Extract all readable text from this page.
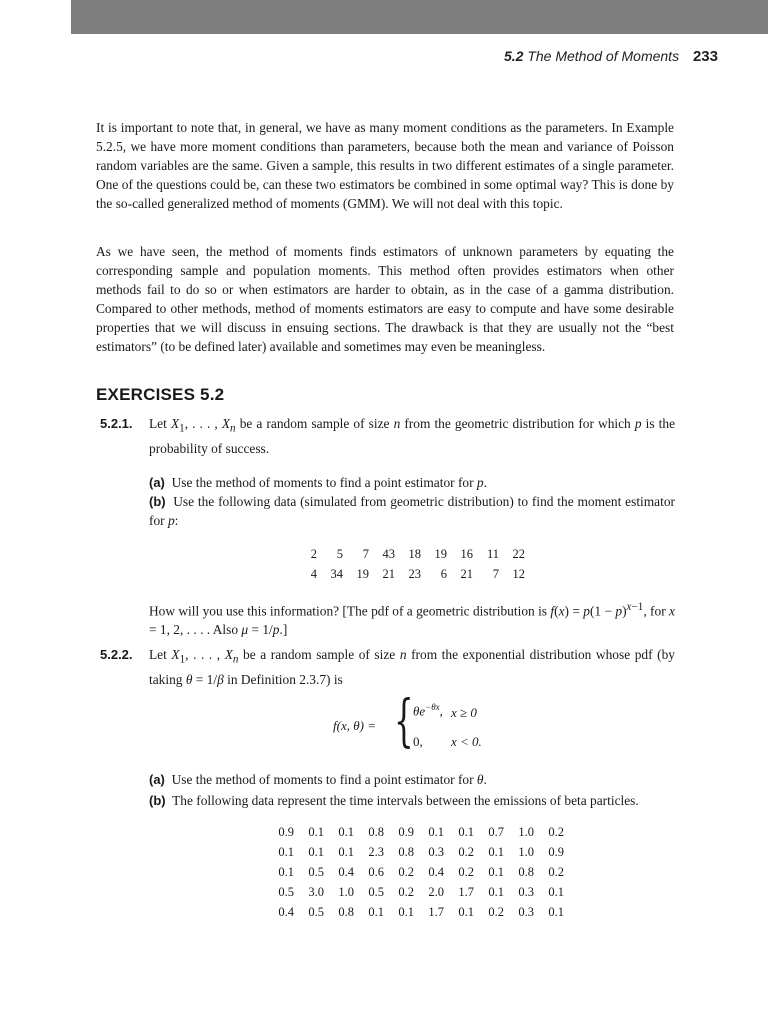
5.2 The Method of Moments 233

It is important to note that, in general, we have as many moment conditions as the parameters. In Example 5.2.5, we have more moment conditions than parameters, because both the mean and variance of Poisson random variables are the same. Given a sample, this results in two different estimates of a single parameter. One of the questions could be, can these two estimators be combined in some optimal way? This is done by the so-called generalized method of moments (GMM). We will not deal with this topic.

As we have seen, the method of moments finds estimators of unknown parameters by equating the corresponding sample and population moments. This method often provides estimators when other methods fail to do so or when estimators are harder to obtain, as in the case of a gamma distribution. Compared to other methods, method of moments estimators are easy to compute and have some desirable properties that we will discuss in ensuing sections. The drawback is that they are usually not the “best estimators” (to be defined later) available and sometimes may even be meaningless.

EXERCISES 5.2
5.2.1. Let $X_1$, . . . , $X_n$ be a random sample of size n from the geometric distribution for which p is the probability of success.

(a) Use the method of moments to find a point estimator for p.
(b) Use the following data (simulated from geometric distribution) to find the moment estimator for p:
2	5	7	43	18	19	16	11	22
4	34	19	21	23	6	21	7	12

How will you use this information? [The pdf of a geometric distribution is $f(x) = p(1 - p)^{x-1}$, for x = 1, 2, . . . . Also μ = 1/p.]

5.2.2. Let $X_1$, . . . , $X_n$ be a random sample of size n from the exponential distribution whose pdf (by taking θ = 1/β in Definition 2.3.7) is

f(x, θ) = { $\theta e^{-\theta x}$, x ≥ 0
0, x < 0.
(a) Use the method of moments to find a point estimator for θ.
(b) The following data represent the time intervals between the emissions of beta particles.
0.9	0.1	0.1	0.8	0.9	0.1	0.1	0.7	1.0	0.2
0.1	0.1	0.1	2.3	0.8	0.3	0.2	0.1	1.0	0.9
0.1	0.5	0.4	0.6	0.2	0.4	0.2	0.1	0.8	0.2
0.5	3.0	1.0	0.5	0.2	2.0	1.7	0.1	0.3	0.1
0.4	0.5	0.8	0.1	0.1	1.7	0.1	0.2	0.3	0.1
